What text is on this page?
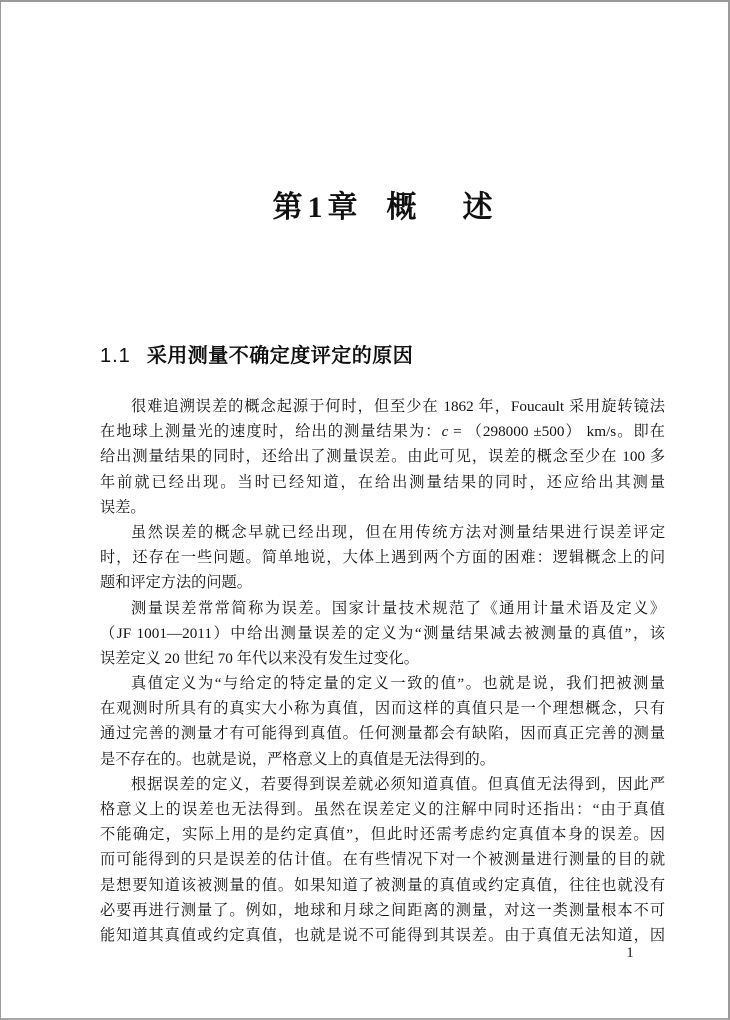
第1章 概 述
1.1 采用测量不确定度评定的原因
很难追溯误差的概念起源于何时，但至少在 1862 年，Foucault 采用旋转镜法
在地球上测量光的速度时，给出的测量结果为：c = （298000 ±500） km/s。即在
给出测量结果的同时，还给出了测量误差。由此可见，误差的概念至少在 100 多
年前就已经出现。当时已经知道，在给出测量结果的同时，还应给出其测量
误差。
虽然误差的概念早就已经出现，但在用传统方法对测量结果进行误差评定
时，还存在一些问题。简单地说，大体上遇到两个方面的困难：逻辑概念上的问
题和评定方法的问题。
测量误差常常简称为误差。国家计量技术规范了《通用计量术语及定义》
（JF 1001—2011）中给出测量误差的定义为“测量结果减去被测量的真值”，该
误差定义 20 世纪 70 年代以来没有发生过变化。
真值定义为“与给定的特定量的定义一致的值”。也就是说，我们把被测量
在观测时所具有的真实大小称为真值，因而这样的真值只是一个理想概念，只有
通过完善的测量才有可能得到真值。任何测量都会有缺陷，因而真正完善的测量
是不存在的。也就是说，严格意义上的真值是无法得到的。
根据误差的定义，若要得到误差就必须知道真值。但真值无法得到，因此严
格意义上的误差也无法得到。虽然在误差定义的注解中同时还指出：“由于真值
不能确定，实际上用的是约定真值”，但此时还需考虑约定真值本身的误差。因
而可能得到的只是误差的估计值。在有些情况下对一个被测量进行测量的目的就
是想要知道该被测量的值。如果知道了被测量的真值或约定真值，往往也就没有
必要再进行测量了。例如，地球和月球之间距离的测量，对这一类测量根本不可
能知道其真值或约定真值，也就是说不可能得到其误差。由于真值无法知道，因
1
